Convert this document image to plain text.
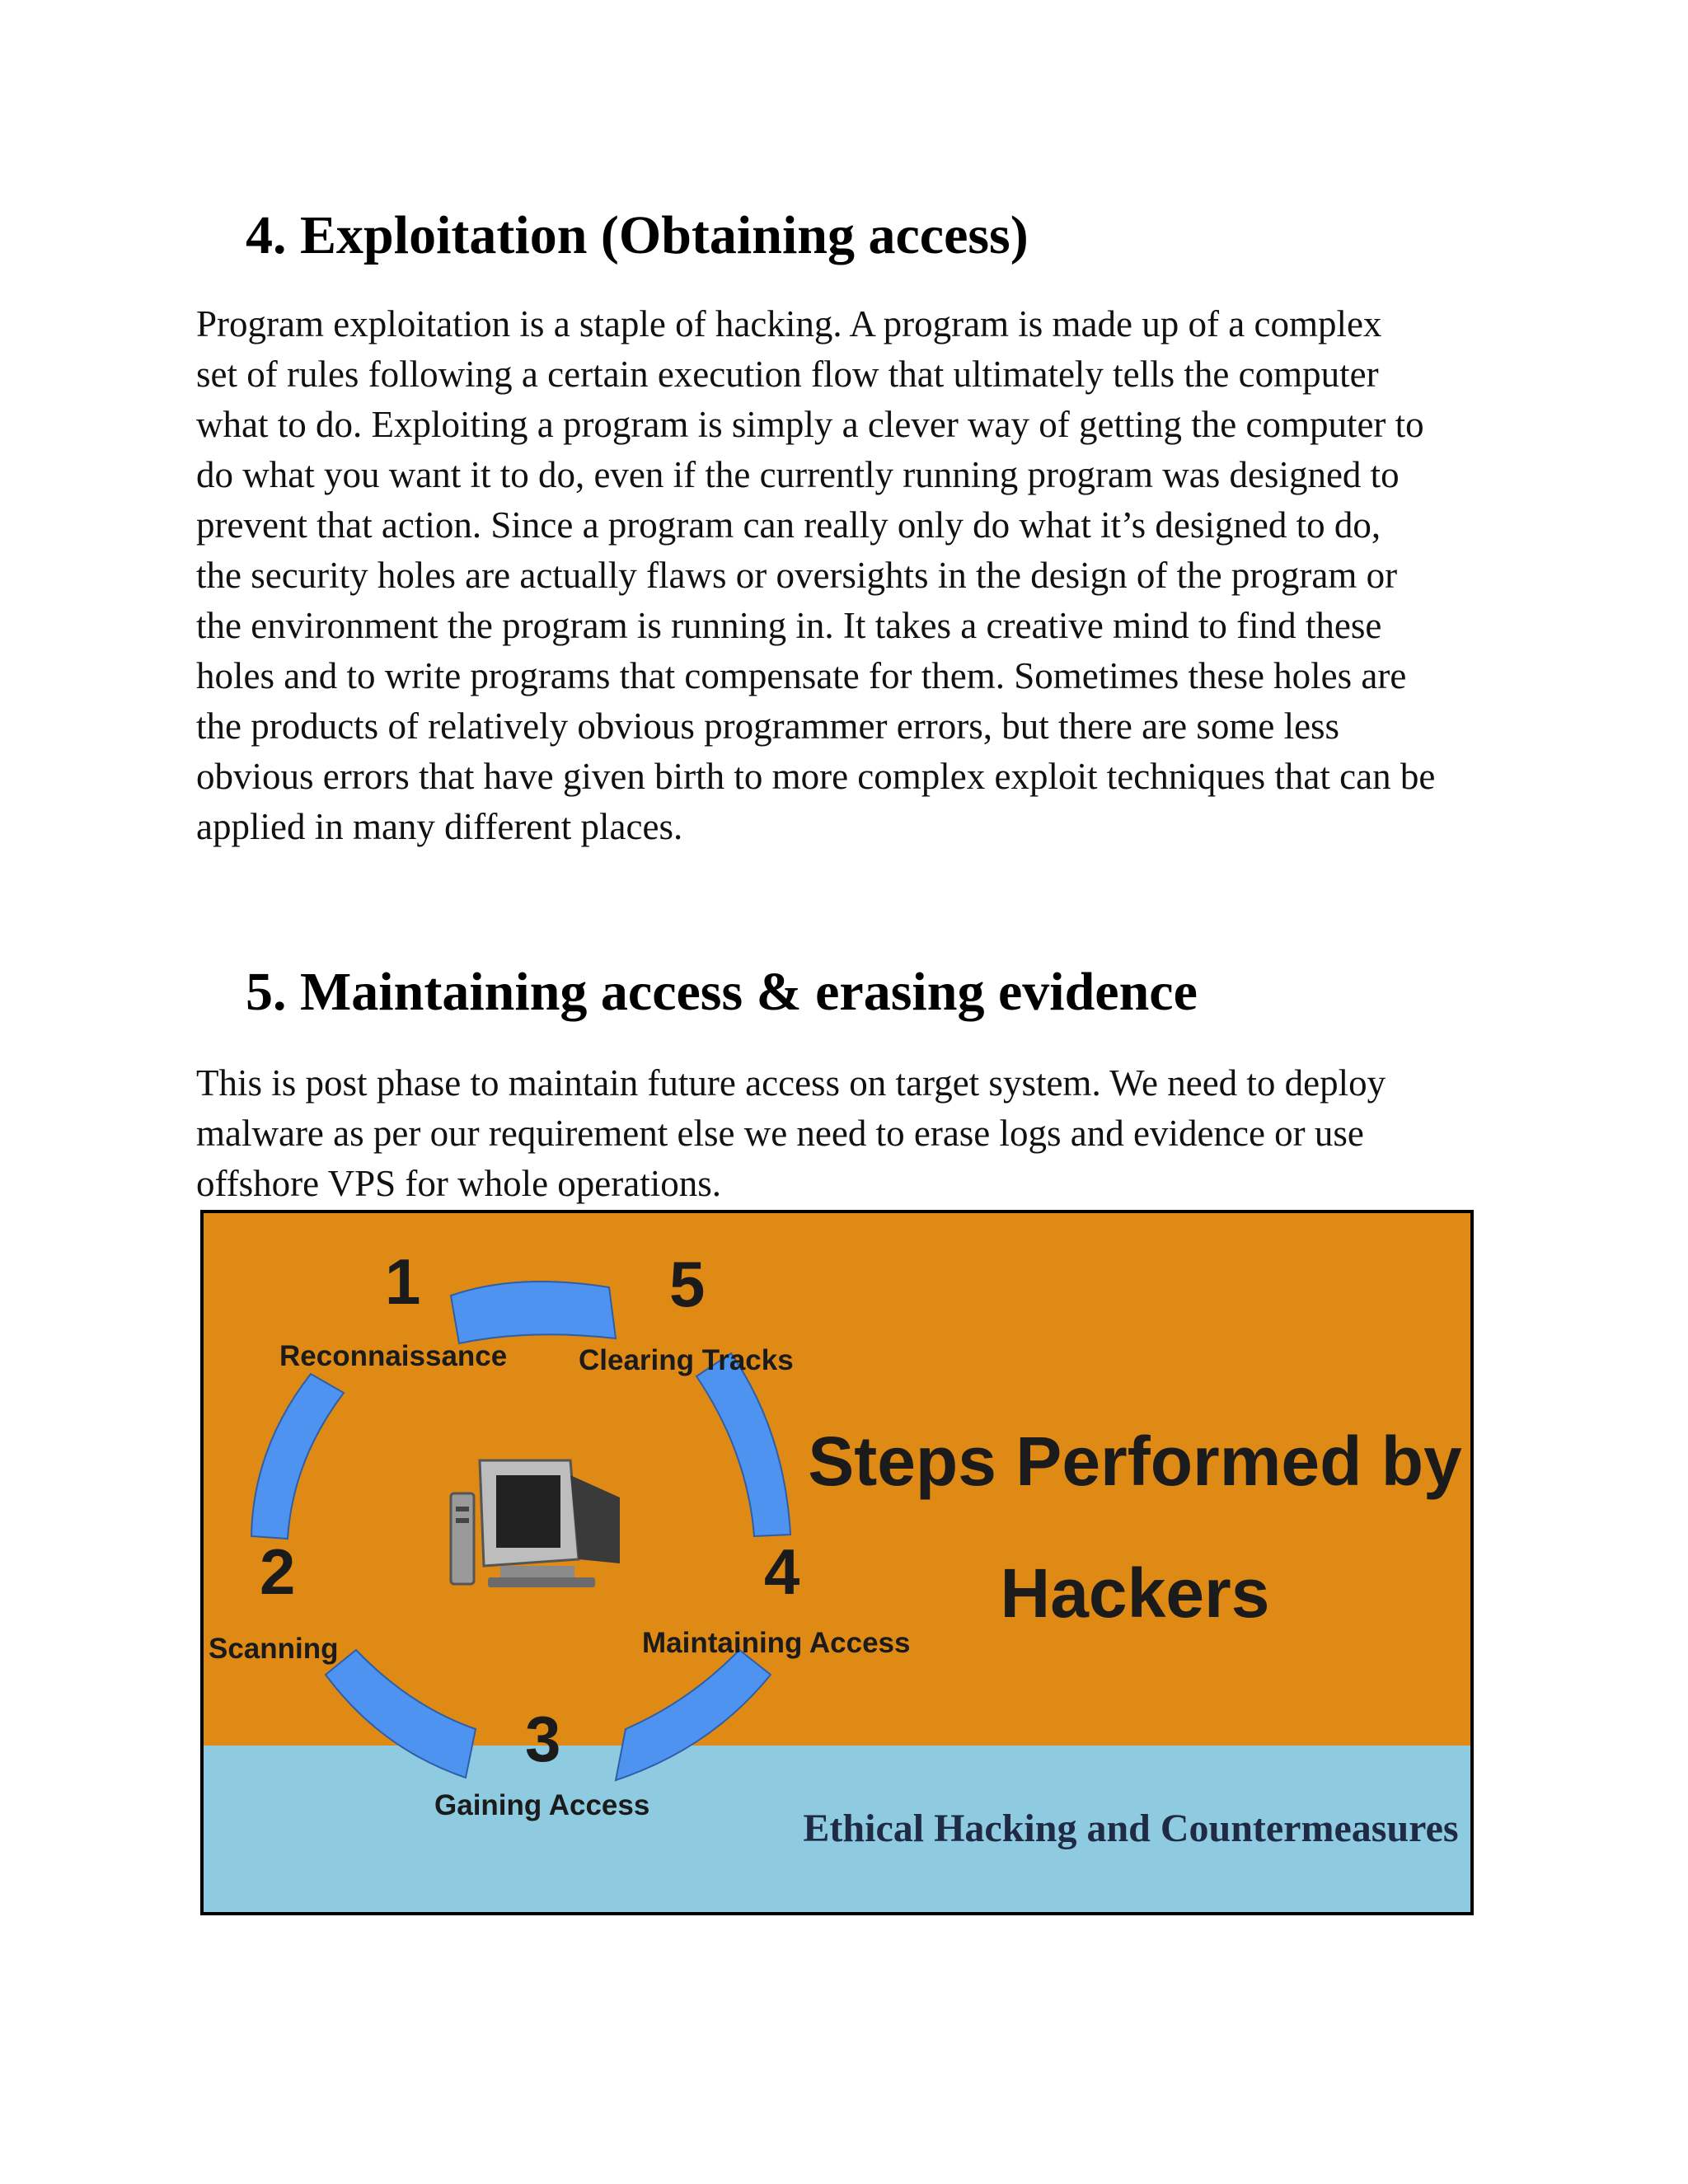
4. Exploitation (Obtaining access)
Program exploitation is a staple of hacking. A program is made up of a complex
set of rules following a certain execution flow that ultimately tells the computer
what to do. Exploiting a program is simply a clever way of getting the computer to
do what you want it to do, even if the currently running program was designed to
prevent that action. Since a program can really only do what it’s designed to do,
the security holes are actually flaws or oversights in the design of the program or
the environment the program is running in. It takes a creative mind to find these
holes and to write programs that compensate for them. Sometimes these holes are
the products of relatively obvious programmer errors, but there are some less
obvious errors that have given birth to more complex exploit techniques that can be
applied in many different places.
5. Maintaining access & erasing evidence
This is post phase to maintain future access on target system. We need to deploy
malware as per our requirement else we need to erase logs and evidence or use
offshore VPS for whole operations.
1	5
2	4
3
Reconnaissance Clearing Tracks
Scanning	Maintaining Access
Gaining Access
Steps Performed by
Hackers
Ethical Hacking and Countermeasures
